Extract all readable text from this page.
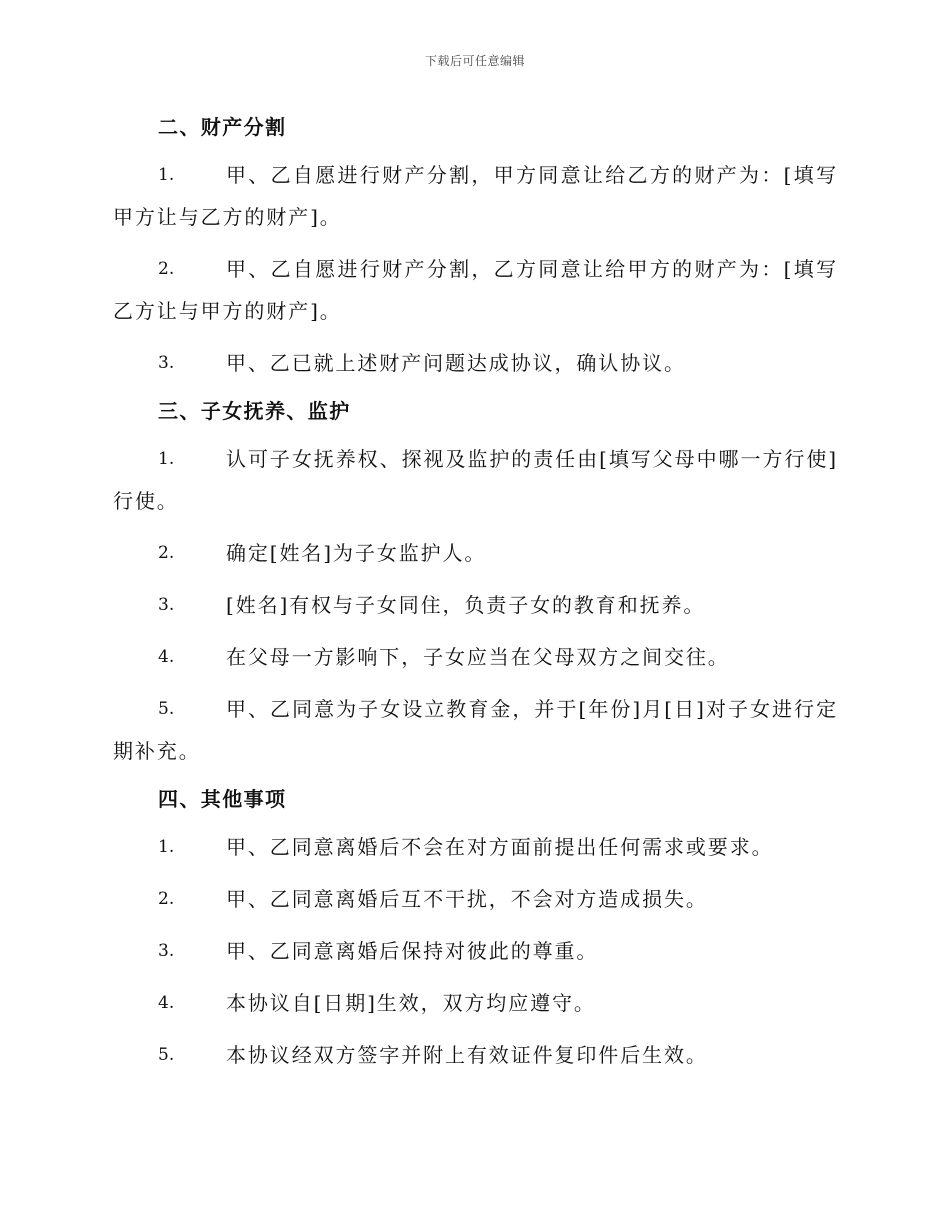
下载后可任意编辑
二、财产分割

1.	甲、乙自愿进行财产分割，甲方同意让给乙方的财产为：[填写甲方让与乙方的财产]。

2.	甲、乙自愿进行财产分割，乙方同意让给甲方的财产为：[填写乙方让与甲方的财产]。

3.	甲、乙已就上述财产问题达成协议，确认协议。

三、子女抚养、监护

1.	认可子女抚养权、探视及监护的责任由[填写父母中哪一方行使]行使。

2.	确定[姓名]为子女监护人。

3.	[姓名]有权与子女同住，负责子女的教育和抚养。

4.	在父母一方影响下，子女应当在父母双方之间交往。

5.	甲、乙同意为子女设立教育金，并于[年份]月[日]对子女进行定期补充。

四、其他事项

1.	甲、乙同意离婚后不会在对方面前提出任何需求或要求。

2.	甲、乙同意离婚后互不干扰，不会对方造成损失。

3.	甲、乙同意离婚后保持对彼此的尊重。

4.	本协议自[日期]生效，双方均应遵守。

5.	本协议经双方签字并附上有效证件复印件后生效。
